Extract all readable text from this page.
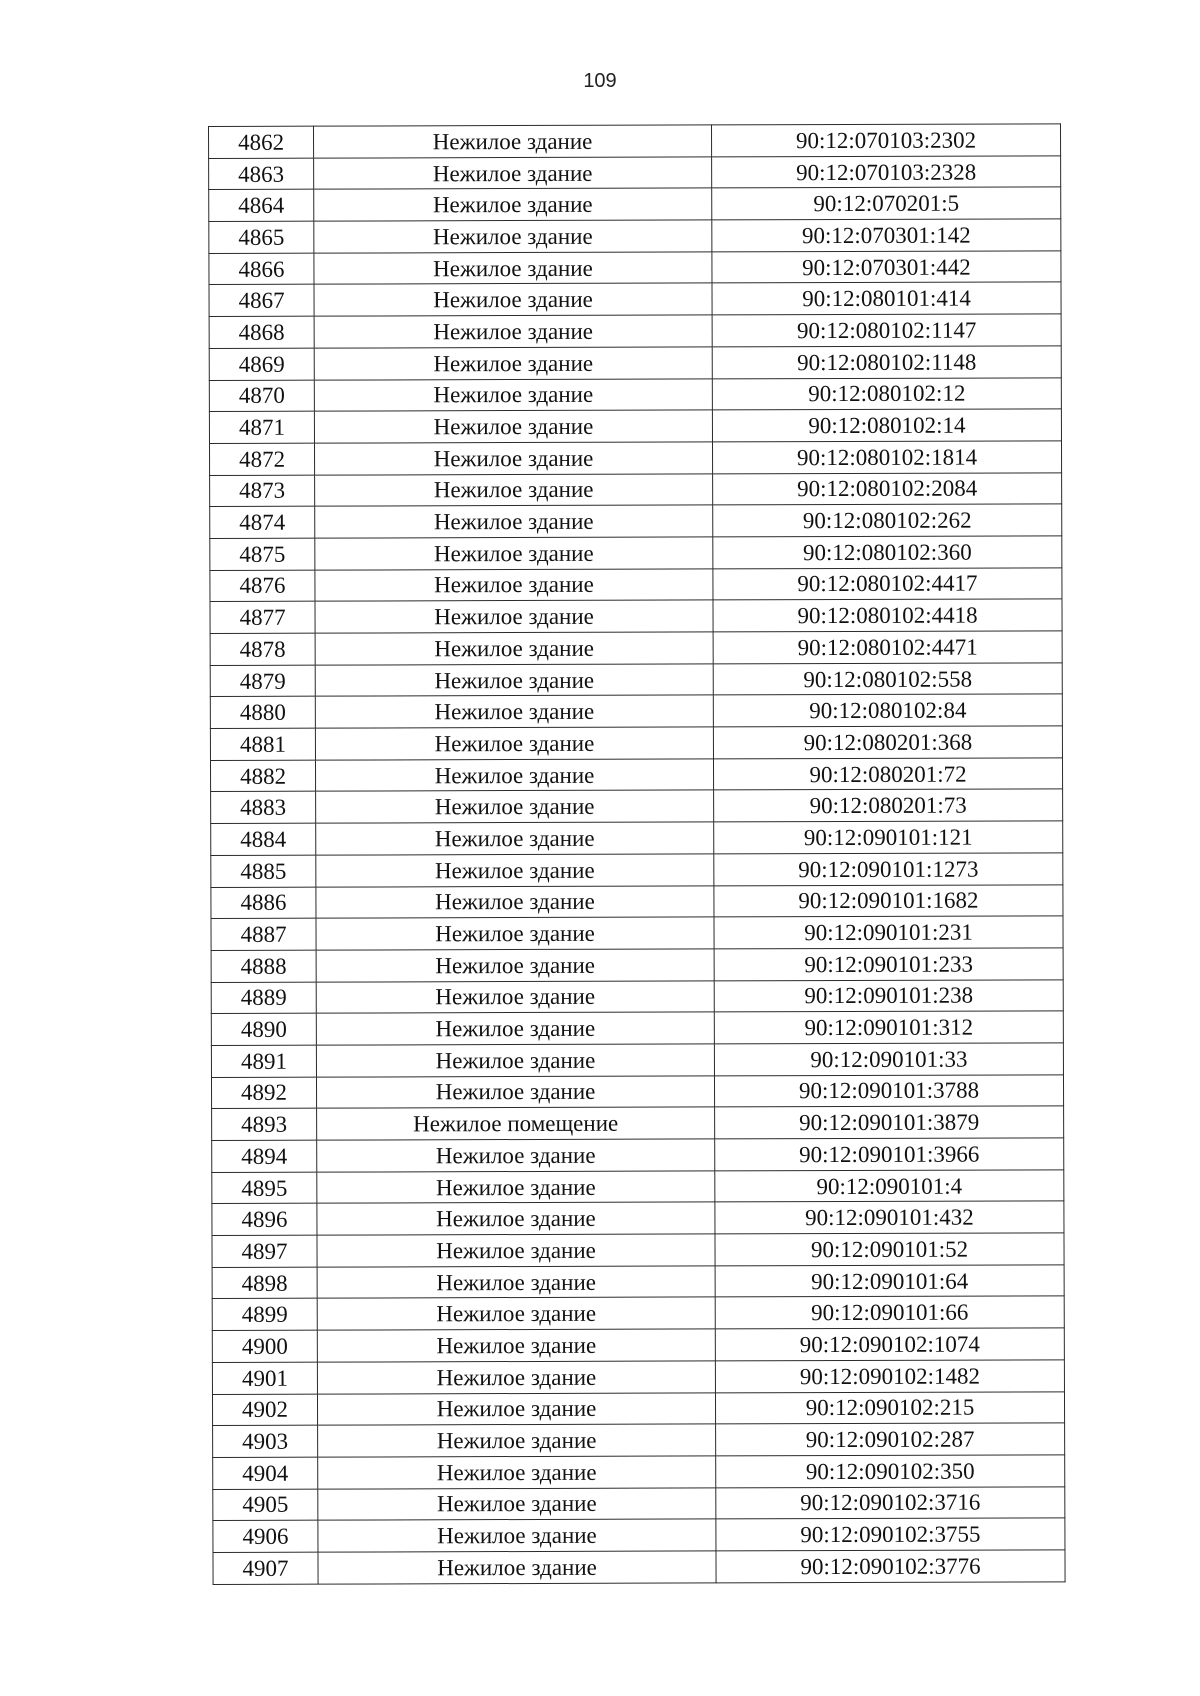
109
4862	Нежилое здание	90:12:070103:2302
4863	Нежилое здание	90:12:070103:2328
4864	Нежилое здание	90:12:070201:5
4865	Нежилое здание	90:12:070301:142
4866	Нежилое здание	90:12:070301:442
4867	Нежилое здание	90:12:080101:414
4868	Нежилое здание	90:12:080102:1147
4869	Нежилое здание	90:12:080102:1148
4870	Нежилое здание	90:12:080102:12
4871	Нежилое здание	90:12:080102:14
4872	Нежилое здание	90:12:080102:1814
4873	Нежилое здание	90:12:080102:2084
4874	Нежилое здание	90:12:080102:262
4875	Нежилое здание	90:12:080102:360
4876	Нежилое здание	90:12:080102:4417
4877	Нежилое здание	90:12:080102:4418
4878	Нежилое здание	90:12:080102:4471
4879	Нежилое здание	90:12:080102:558
4880	Нежилое здание	90:12:080102:84
4881	Нежилое здание	90:12:080201:368
4882	Нежилое здание	90:12:080201:72
4883	Нежилое здание	90:12:080201:73
4884	Нежилое здание	90:12:090101:121
4885	Нежилое здание	90:12:090101:1273
4886	Нежилое здание	90:12:090101:1682
4887	Нежилое здание	90:12:090101:231
4888	Нежилое здание	90:12:090101:233
4889	Нежилое здание	90:12:090101:238
4890	Нежилое здание	90:12:090101:312
4891	Нежилое здание	90:12:090101:33
4892	Нежилое здание	90:12:090101:3788
4893	Нежилое помещение	90:12:090101:3879
4894	Нежилое здание	90:12:090101:3966
4895	Нежилое здание	90:12:090101:4
4896	Нежилое здание	90:12:090101:432
4897	Нежилое здание	90:12:090101:52
4898	Нежилое здание	90:12:090101:64
4899	Нежилое здание	90:12:090101:66
4900	Нежилое здание	90:12:090102:1074
4901	Нежилое здание	90:12:090102:1482
4902	Нежилое здание	90:12:090102:215
4903	Нежилое здание	90:12:090102:287
4904	Нежилое здание	90:12:090102:350
4905	Нежилое здание	90:12:090102:3716
4906	Нежилое здание	90:12:090102:3755
4907	Нежилое здание	90:12:090102:3776
